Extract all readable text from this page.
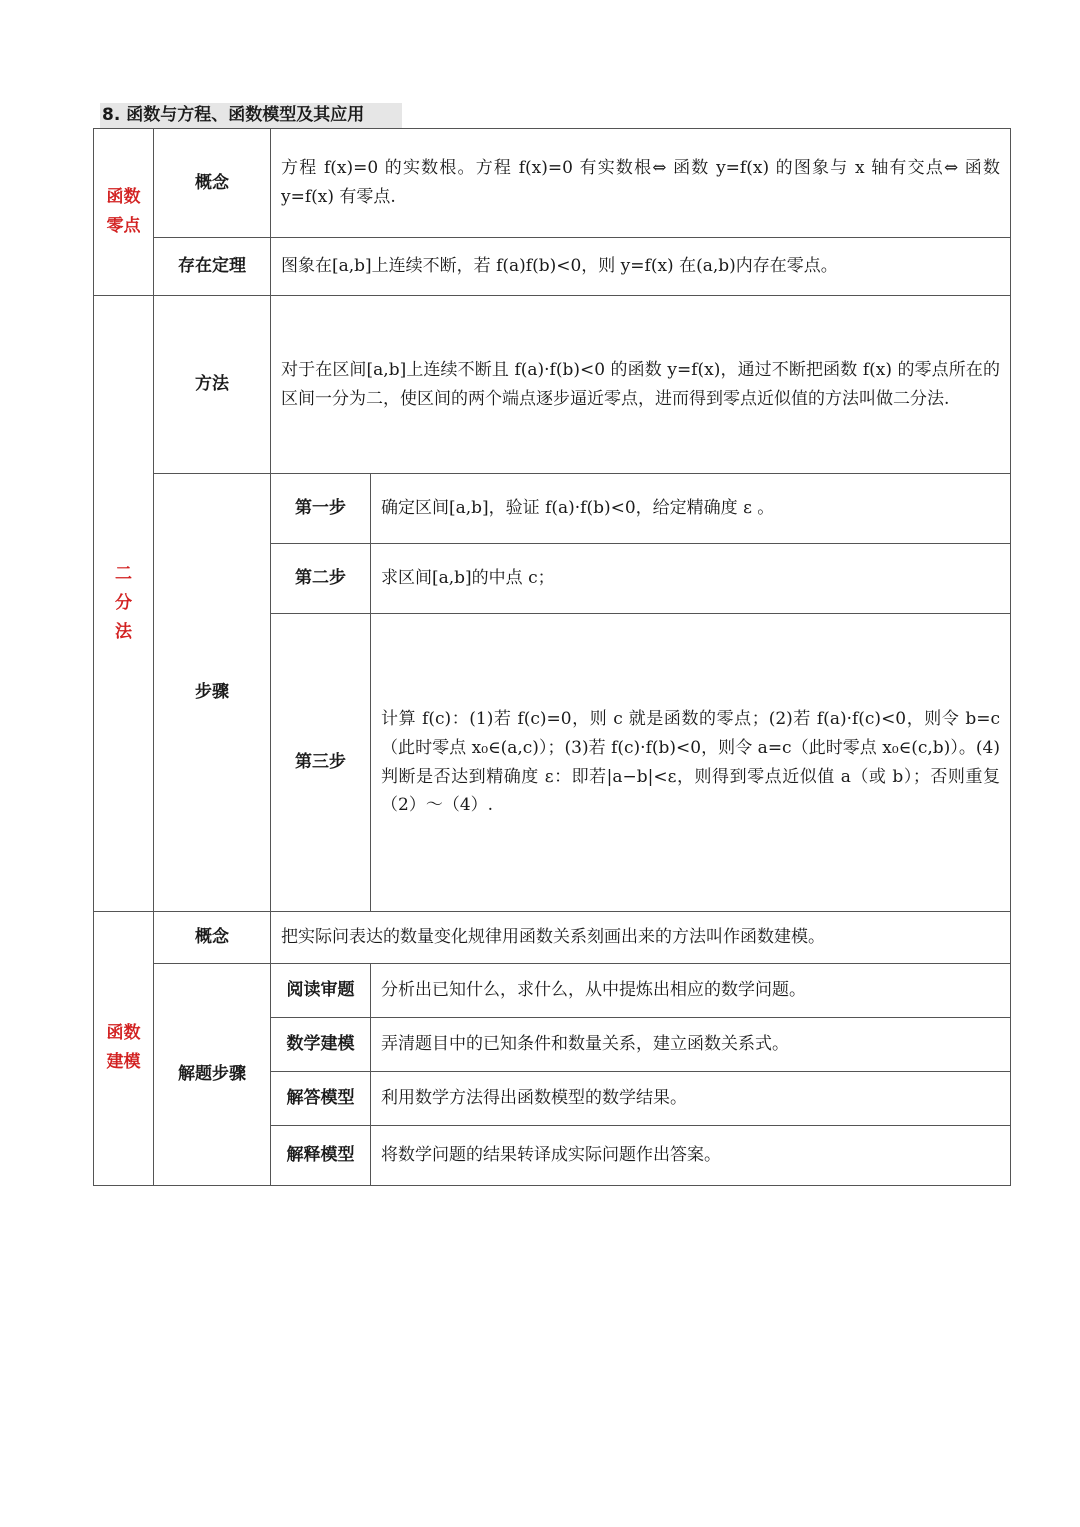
8. 函数与方程、函数模型及其应用
函数
零点	概念	方程 f(x)=0 的实数根。方程 f(x)=0 有实数根⇔ 函数 y=f(x) 的图象与 x 轴有交点⇔ 函数 y=f(x) 有零点.	

	存在定理	图象在[a,b]上连续不断，若 f(a)f(b)<0，则 y=f(x) 在(a,b)内存在零点。	

二
分
法	方法	对于在区间[a,b]上连续不断且 f(a)·f(b)<0 的函数 y=f(x)，通过不断把函数 f(x) 的零点所在的区间一分为二，使区间的两个端点逐步逼近零点，进而得到零点近似值的方法叫做二分法.	

	步骤	第一步	确定区间[a,b]，验证 f(a)·f(b)<0，给定精确度 ε 。

		第二步	求区间[a,b]的中点 c；

		第三步	计算 f(c)：(1)若 f(c)=0，则 c 就是函数的零点；(2)若 f(a)·f(c)<0，则令 b=c（此时零点 x₀∈(a,c)）；(3)若 f(c)·f(b)<0，则令 a=c（此时零点 x₀∈(c,b)）。(4) 判断是否达到精确度 ε：即若|a−b|<ε，则得到零点近似值 a（或 b）；否则重复（2）～（4）.

函数
建模	概念	把实际问表达的数量变化规律用函数关系刻画出来的方法叫作函数建模。	

	解题步骤	阅读审题	分析出已知什么，求什么，从中提炼出相应的数学问题。

		数学建模	弄清题目中的已知条件和数量关系，建立函数关系式。

		解答模型	利用数学方法得出函数模型的数学结果。

		解释模型	将数学问题的结果转译成实际问题作出答案。
